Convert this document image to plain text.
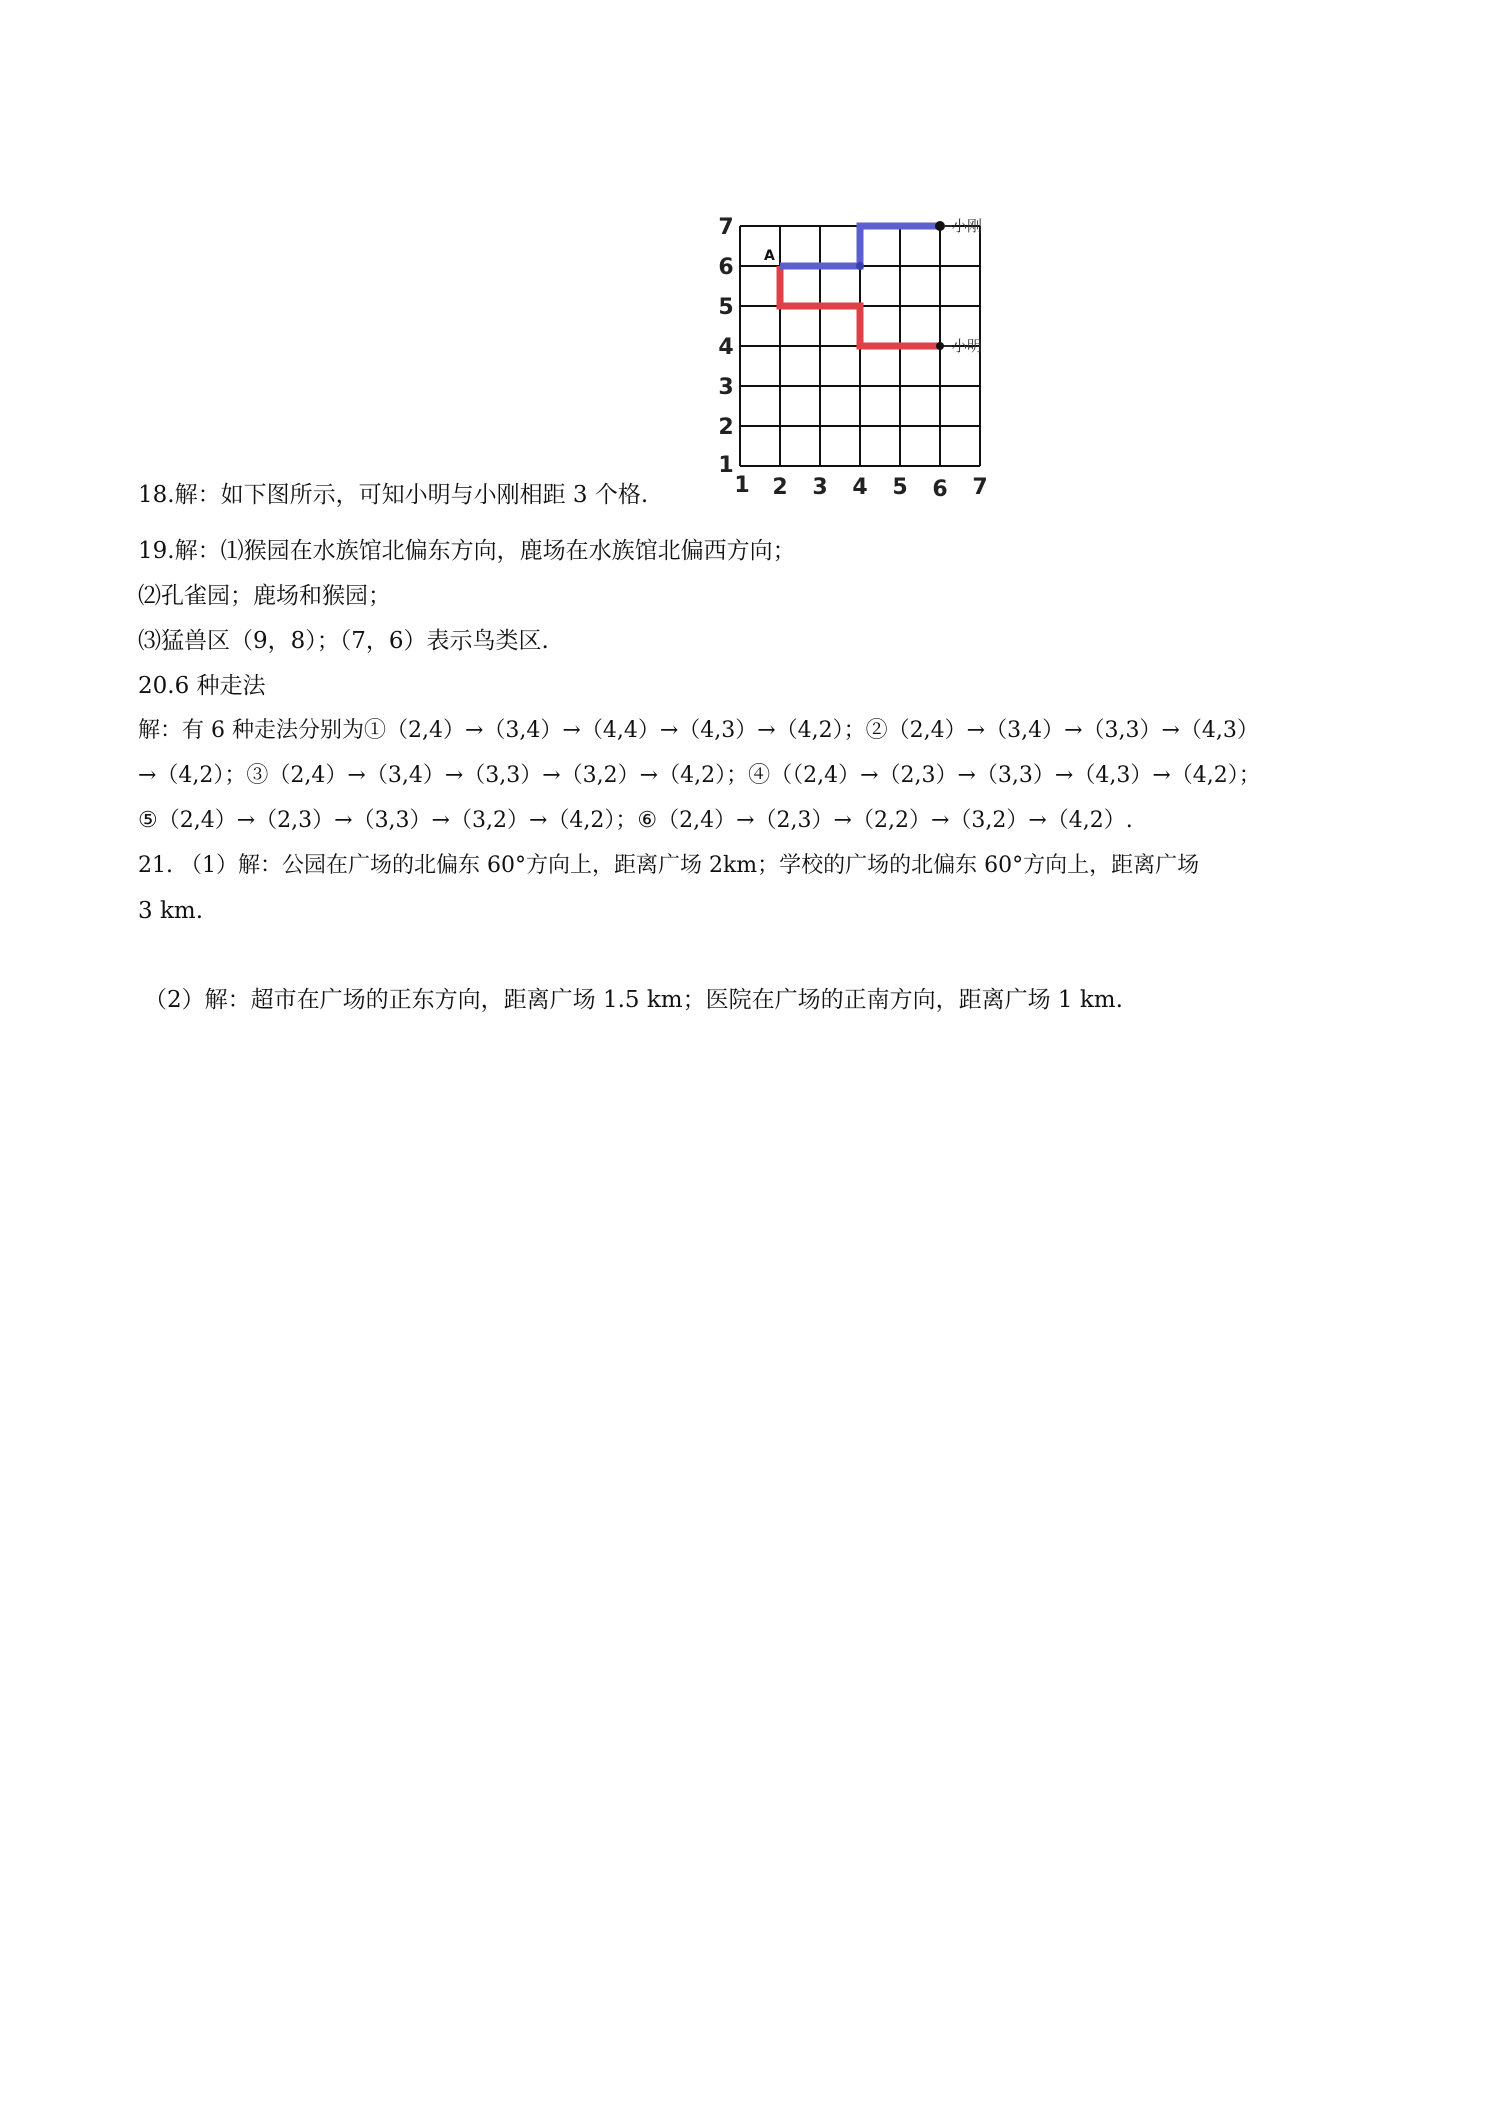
7
6
5
4
3
2
1
1 2 3 4 5 6 7
A
小刚
小明
18.解：如下图所示，可知小明与小刚相距 3 个格.
19.解：⑴猴园在水族馆北偏东方向，鹿场在水族馆北偏西方向；
⑵孔雀园；鹿场和猴园；
⑶猛兽区（9，8）；（7，6）表示鸟类区.
20.6 种走法
解：有 6 种走法分别为①（2,4）→（3,4）→（4,4）→（4,3）→（4,2）；②（2,4）→（3,4）→（3,3）→（4,3）
→（4,2）；③（2,4）→（3,4）→（3,3）→（3,2）→（4,2）；④（（2,4）→（2,3）→（3,3）→（4,3）→（4,2）；
⑤（2,4）→（2,3）→（3,3）→（3,2）→（4,2）；⑥（2,4）→（2,3）→（2,2）→（3,2）→（4,2）.
21. （1）解：公园在广场的北偏东 60°方向上，距离广场 2km；学校的广场的北偏东 60°方向上，距离广场
3 km.
（2）解：超市在广场的正东方向，距离广场 1.5 km；医院在广场的正南方向，距离广场 1 km.
